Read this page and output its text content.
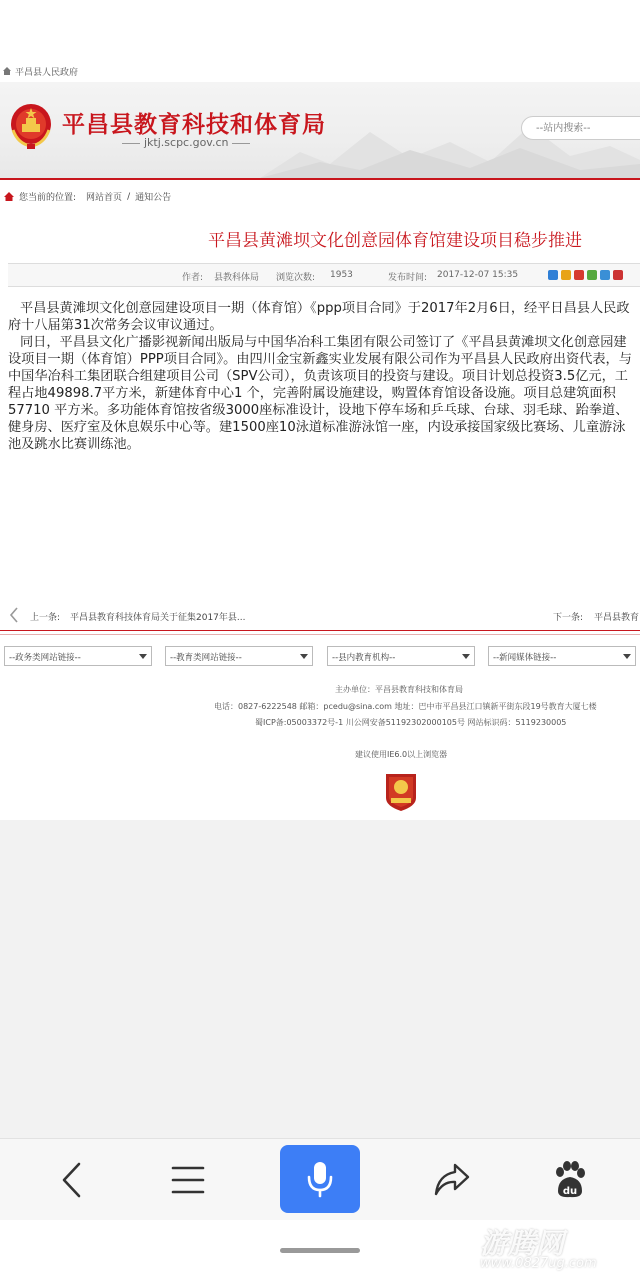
平昌县人民政府
平昌县教育科技和体育局
jktj.scpc.gov.cn
--站内搜索--
您当前的位置: 网站首页 / 通知公告
平昌县黄滩坝文化创意园体育馆建设项目稳步推进
作者: 县教科体局 浏览次数: 1953	发布时间: 2017-12-07 15:35

平昌县黄滩坝文化创意园建设项目一期（体育馆）《ppp项目合同》于2017年2月6日，经平日昌县人民政府十八届第31次常务会议审议通过。

同日，平昌县文化广播影视新闻出版局与中国华冶科工集团有限公司签订了《平昌县黄滩坝文化创意园建设项目一期（体育馆）PPP项目合同》。由四川金宝新鑫实业发展有限公司作为平昌县人民政府出资代表，与中国华冶科工集团联合组建项目公司（SPV公司），负责该项目的投资与建设。项目计划总投资3.5亿元，工程占地49898.7平方米，新建体育中心1 个，完善附属设施建设，购置体育馆设备设施。项目总建筑面积57710 平方米。多功能体育馆按省级3000座标准设计，设地下停车场和乒乓球、台球、羽毛球、跆拳道、健身房、医疗室及休息娱乐中心等。建1500座10泳道标准游泳馆一座，内设承接国家级比赛场、儿童游泳池及跳水比赛训练池。

上一条: 平昌县教育科技体育局关于征集2017年县...	下一条: 平昌县教育
--政务类网站链接--	--教育类网站链接--	--县内教育机构--	--新闻媒体链接--
主办单位：平昌县教育科技和体育局
电话：0827-6222548 邮箱：pcedu@sina.com 地址：巴中市平昌县江口镇新平街东段19号教育大厦七楼
蜀ICP备:05003372号-1 川公网安备51192302000105号 网站标识码：5119230005
建议使用IE6.0以上浏览器
du
游腾网
www.0827ug.com
